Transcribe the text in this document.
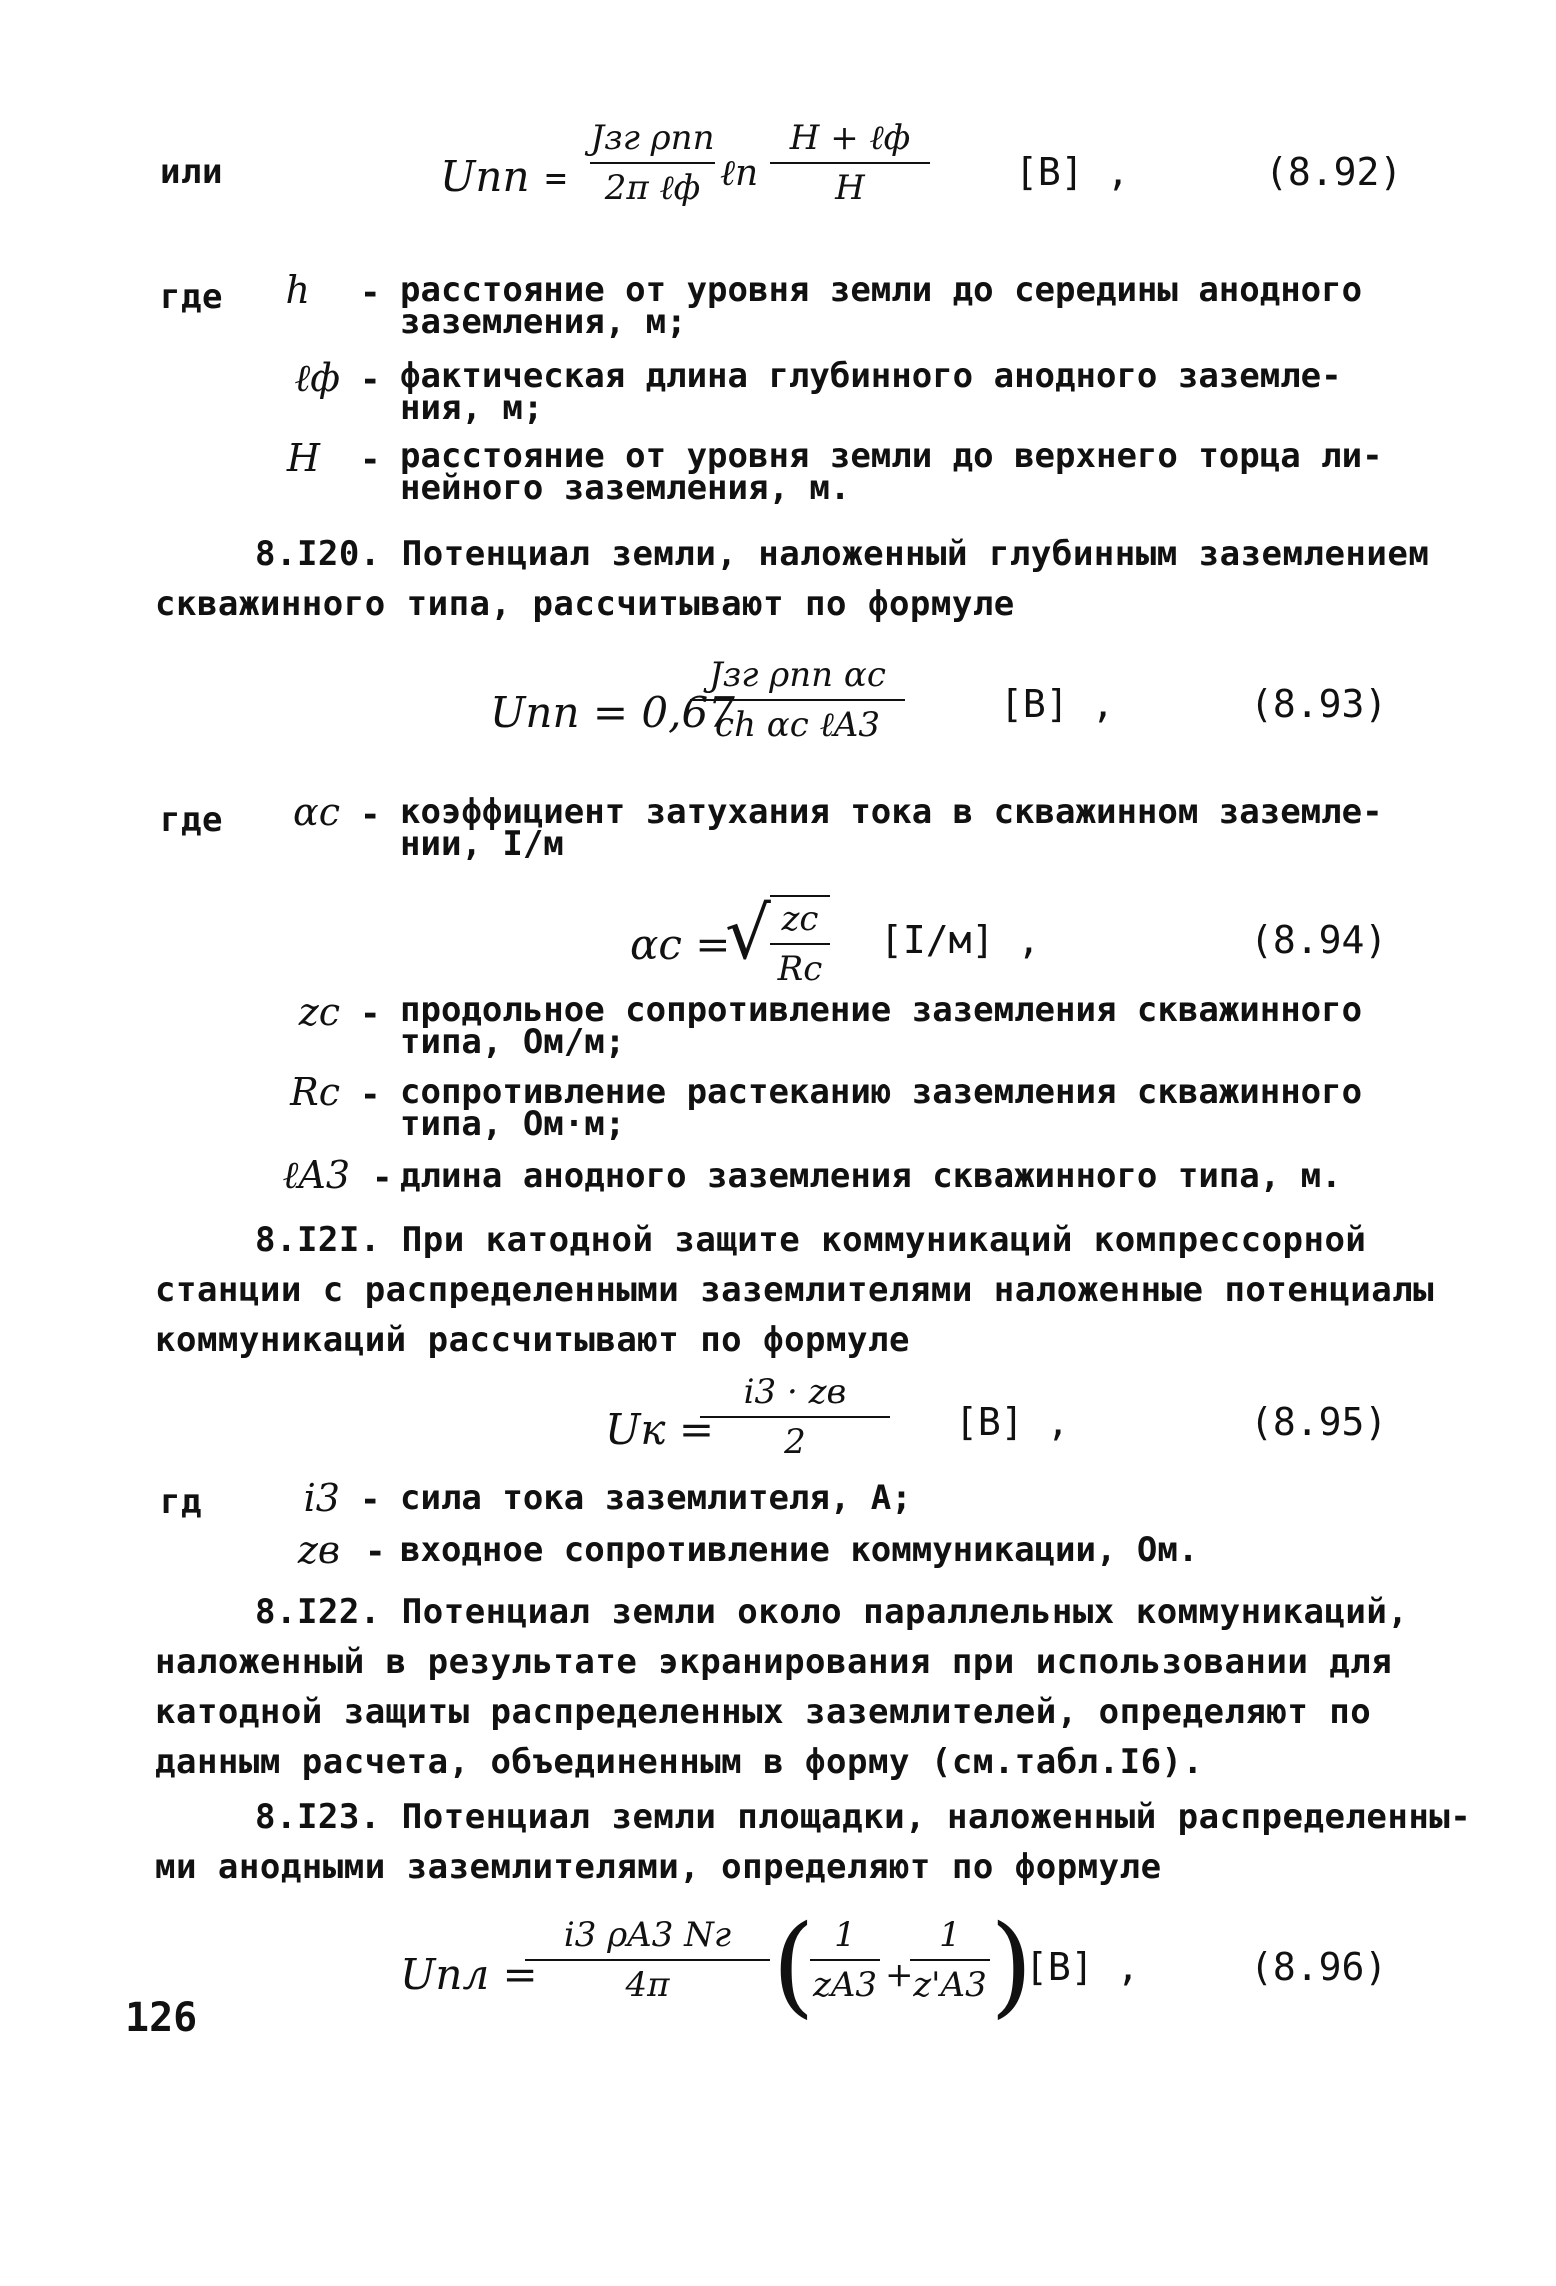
или	Uпп =
Jзг ρпп
2π ℓф ℓn
H + ℓф
H	[В] ,	(8.92)
где	h - расстояние от уровня земли до середины анодного
заземления, м;
ℓф - фактическая длина глубинного анодного заземле-
ния, м;
H - расстояние от уровня земли до верхнего торца ли-
нейного заземления, м.
8.I20. Потенциал земли, наложенный глубинным заземлением
скважинного типа, рассчитывают по формуле
Uпп = 0,67
Jзг ρпп αc
ch αc ℓA3	[В] ,	(8.93)
где	αc - коэффициент затухания тока в скважинном заземле-
нии, I/м
αc =
√ zc
Rc
[I/м] ,	(8.94)
zc - продольное сопротивление заземления скважинного
типа, Ом/м;
Rc - сопротивление растеканию заземления скважинного
типа, Ом·м;
ℓA3 - длина анодного заземления скважинного типа, м.
8.I2I. При катодной защите коммуникаций компрессорной
станции с распределенными заземлителями наложенные потенциалы
коммуникаций рассчитывают по формуле
Uк =
i3 · zв
2	[В] ,	(8.95)
гд	i3 - сила тока заземлителя, А;
zв - входное сопротивление коммуникации, Ом.
8.I22. Потенциал земли около параллельных коммуникаций,
наложенный в результате экранирования при использовании для
катодной защиты распределенных заземлителей, определяют по
данным расчета, объединенным в форму (см.табл.I6).
8.I23. Потенциал земли площадки, наложенный распределенны-
ми анодными заземлителями, определяют по формуле
Uпл =
i3 ρA3 Nг
4π ( 1
zA3 +
1
z'A3 )
[В] ,	(8.96)
126
